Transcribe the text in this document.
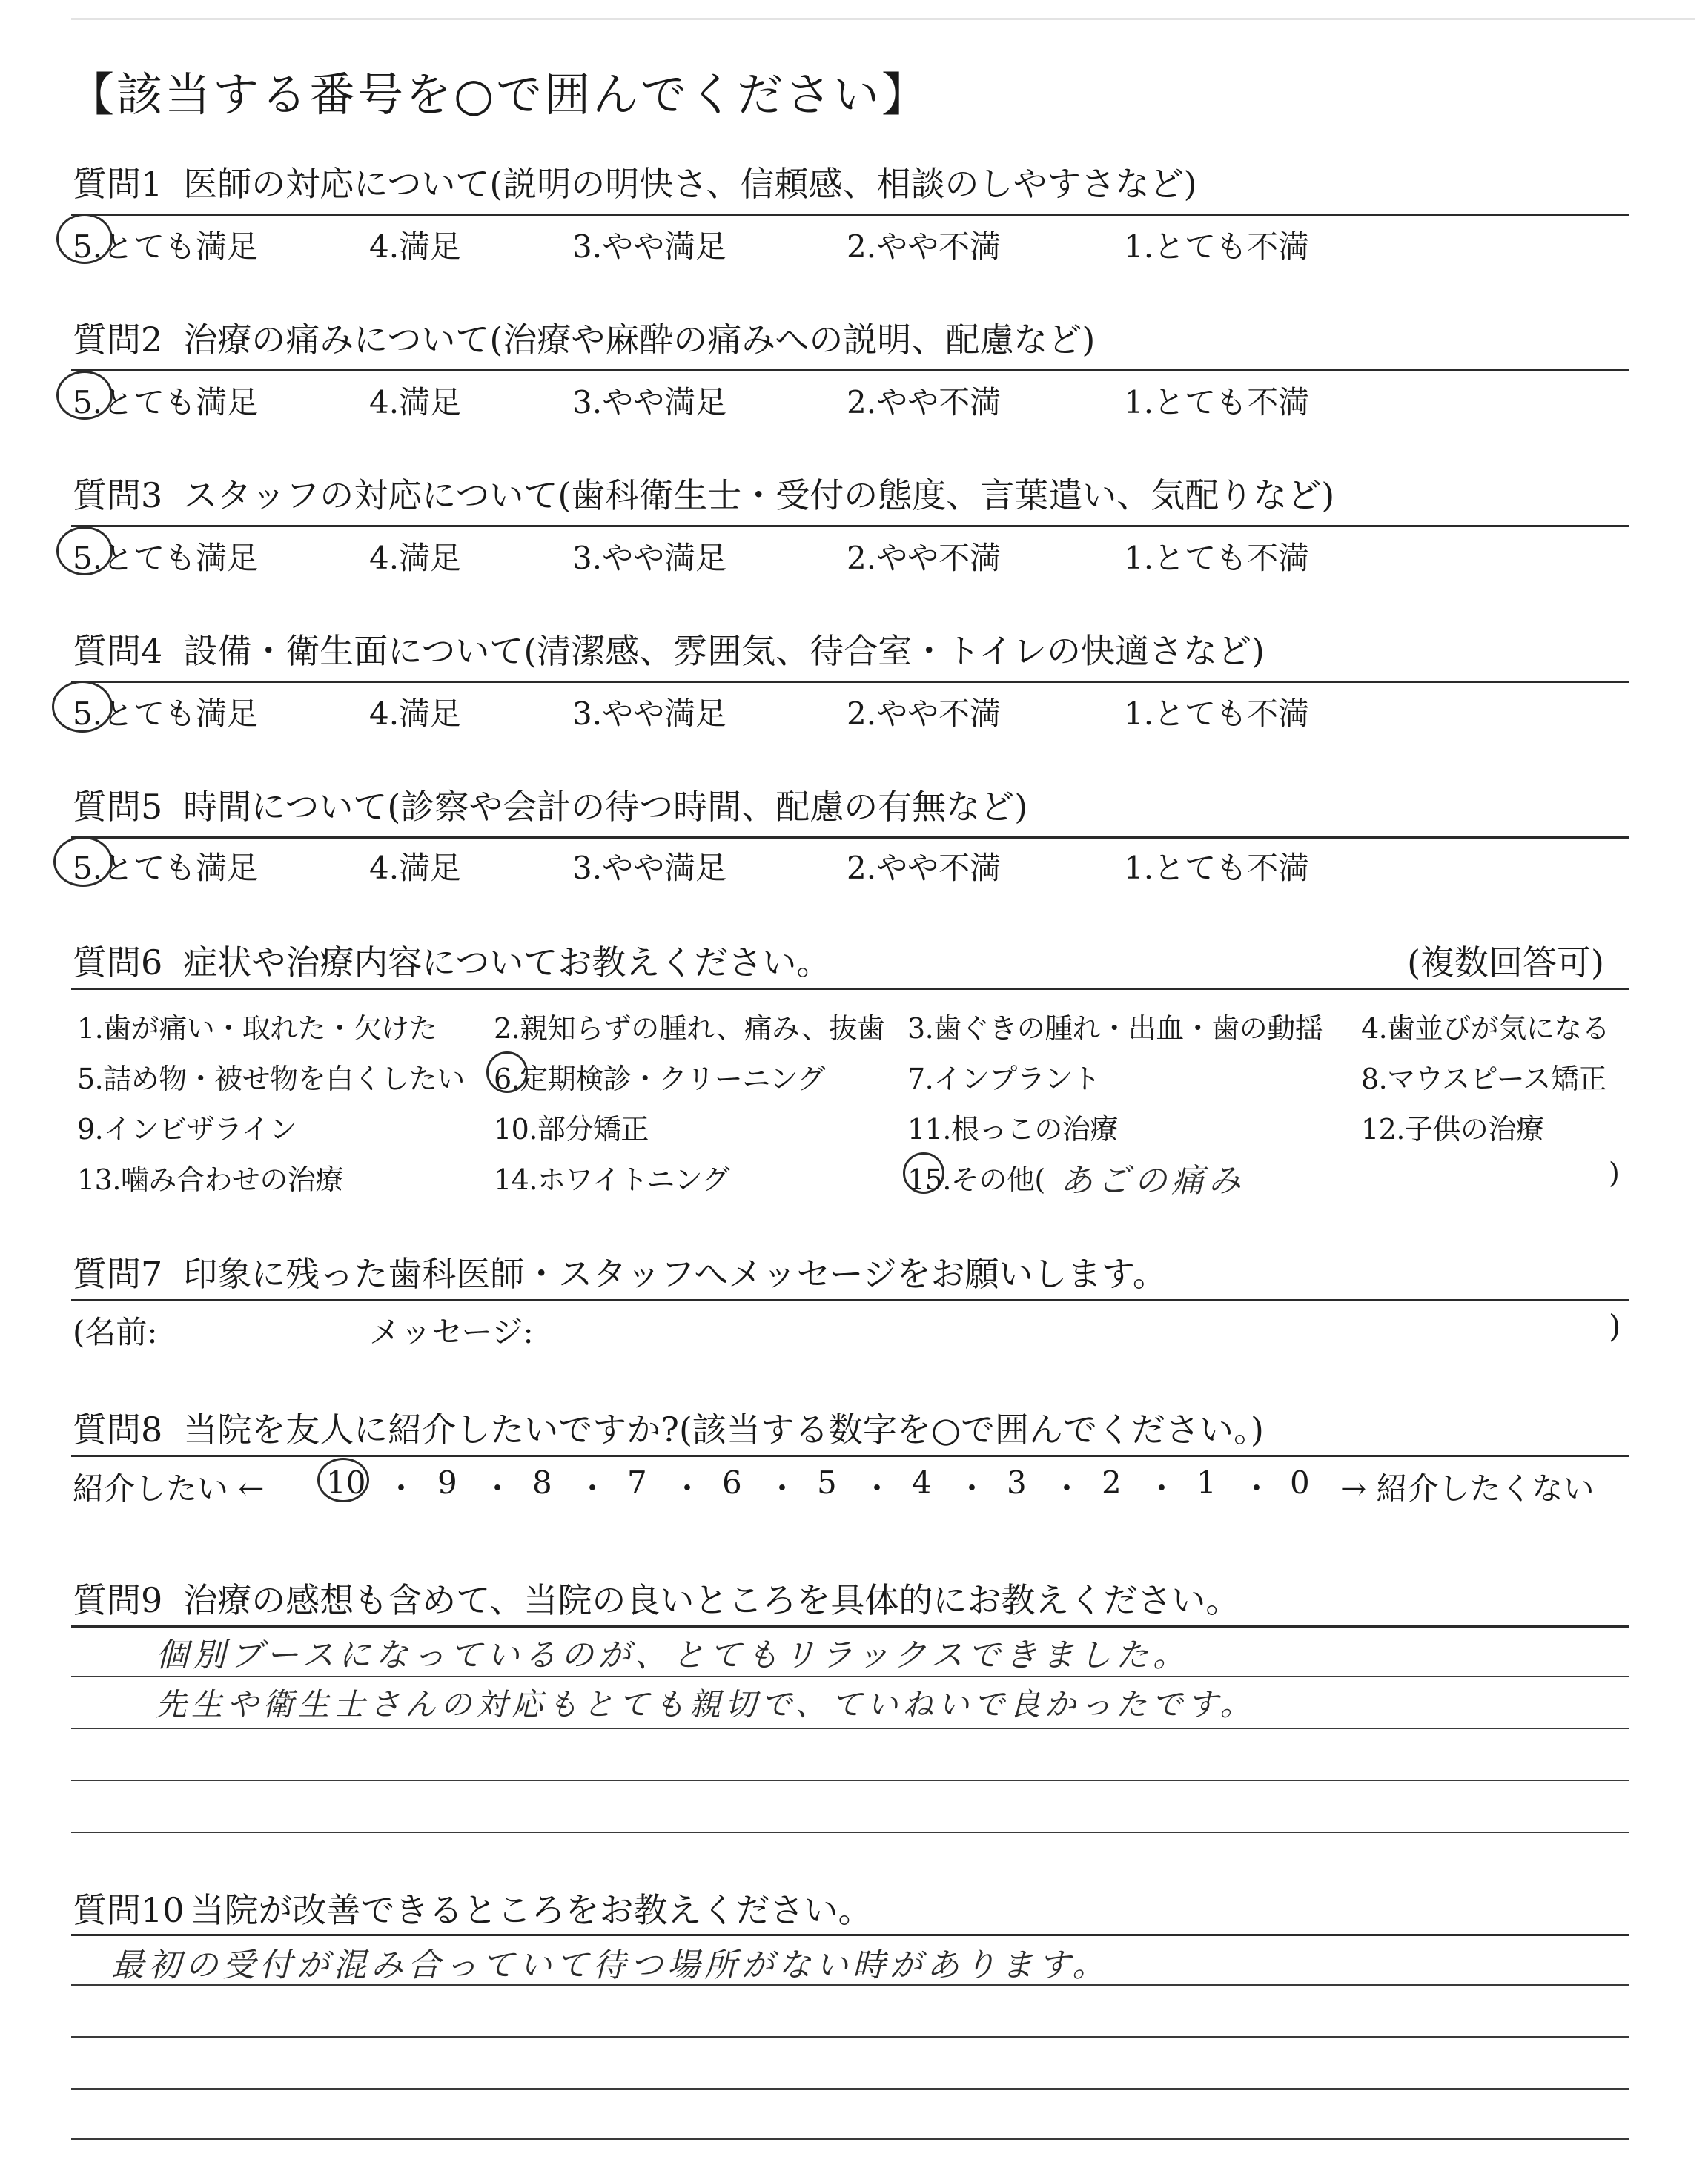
【該当する番号を○で囲んでください】
質問1 医師の対応について(説明の明快さ、信頼感、相談のしやすさなど)
5.とても満足	4.満足	3.やや満足	2.やや不満	1.とても不満
質問2 治療の痛みについて(治療や麻酔の痛みへの説明、配慮など)
5.とても満足	4.満足	3.やや満足	2.やや不満	1.とても不満
質問3 スタッフの対応について(歯科衛生士・受付の態度、言葉遣い、気配りなど)
5.とても満足	4.満足	3.やや満足	2.やや不満	1.とても不満
質問4 設備・衛生面について(清潔感、雰囲気、待合室・トイレの快適さなど)
5.とても満足	4.満足	3.やや満足	2.やや不満	1.とても不満
質問5 時間について(診察や会計の待つ時間、配慮の有無など)
5.とても満足	4.満足	3.やや満足	2.やや不満	1.とても不満
質問6 症状や治療内容についてお教えください。	(複数回答可)
1.歯が痛い・取れた・欠けた 2.親知らずの腫れ、痛み、抜歯 3.歯ぐきの腫れ・出血・歯の動揺 4.歯並びが気になる
5.詰め物・被せ物を白くしたい 6.定期検診・クリーニング	7.インプラント	8.マウスピース矯正
9.インビザライン	10.部分矯正	11.根っこの治療	12.子供の治療
13.噛み合わせの治療	14.ホワイトニング	15.その他( あごの痛み	)
質問7 印象に残った歯科医師・スタッフへメッセージをお願いします。
(名前:	メッセージ:	)
質問8 当院を友人に紹介したいですか?(該当する数字を○で囲んでください。)
紹介したい ← 10 ・ 9 ・ 8 ・ 7 ・ 6 ・ 5 ・ 4 ・ 3 ・ 2 ・ 1 ・ 0 → 紹介したくない
質問9 治療の感想も含めて、当院の良いところを具体的にお教えください。
個別ブースになっているのが、とてもリラックスできました。
先生や衛生士さんの対応もとても親切で、ていねいで良かったです。
質問10 当院が改善できるところをお教えください。
最初の受付が混み合っていて待つ場所がない時があります。
